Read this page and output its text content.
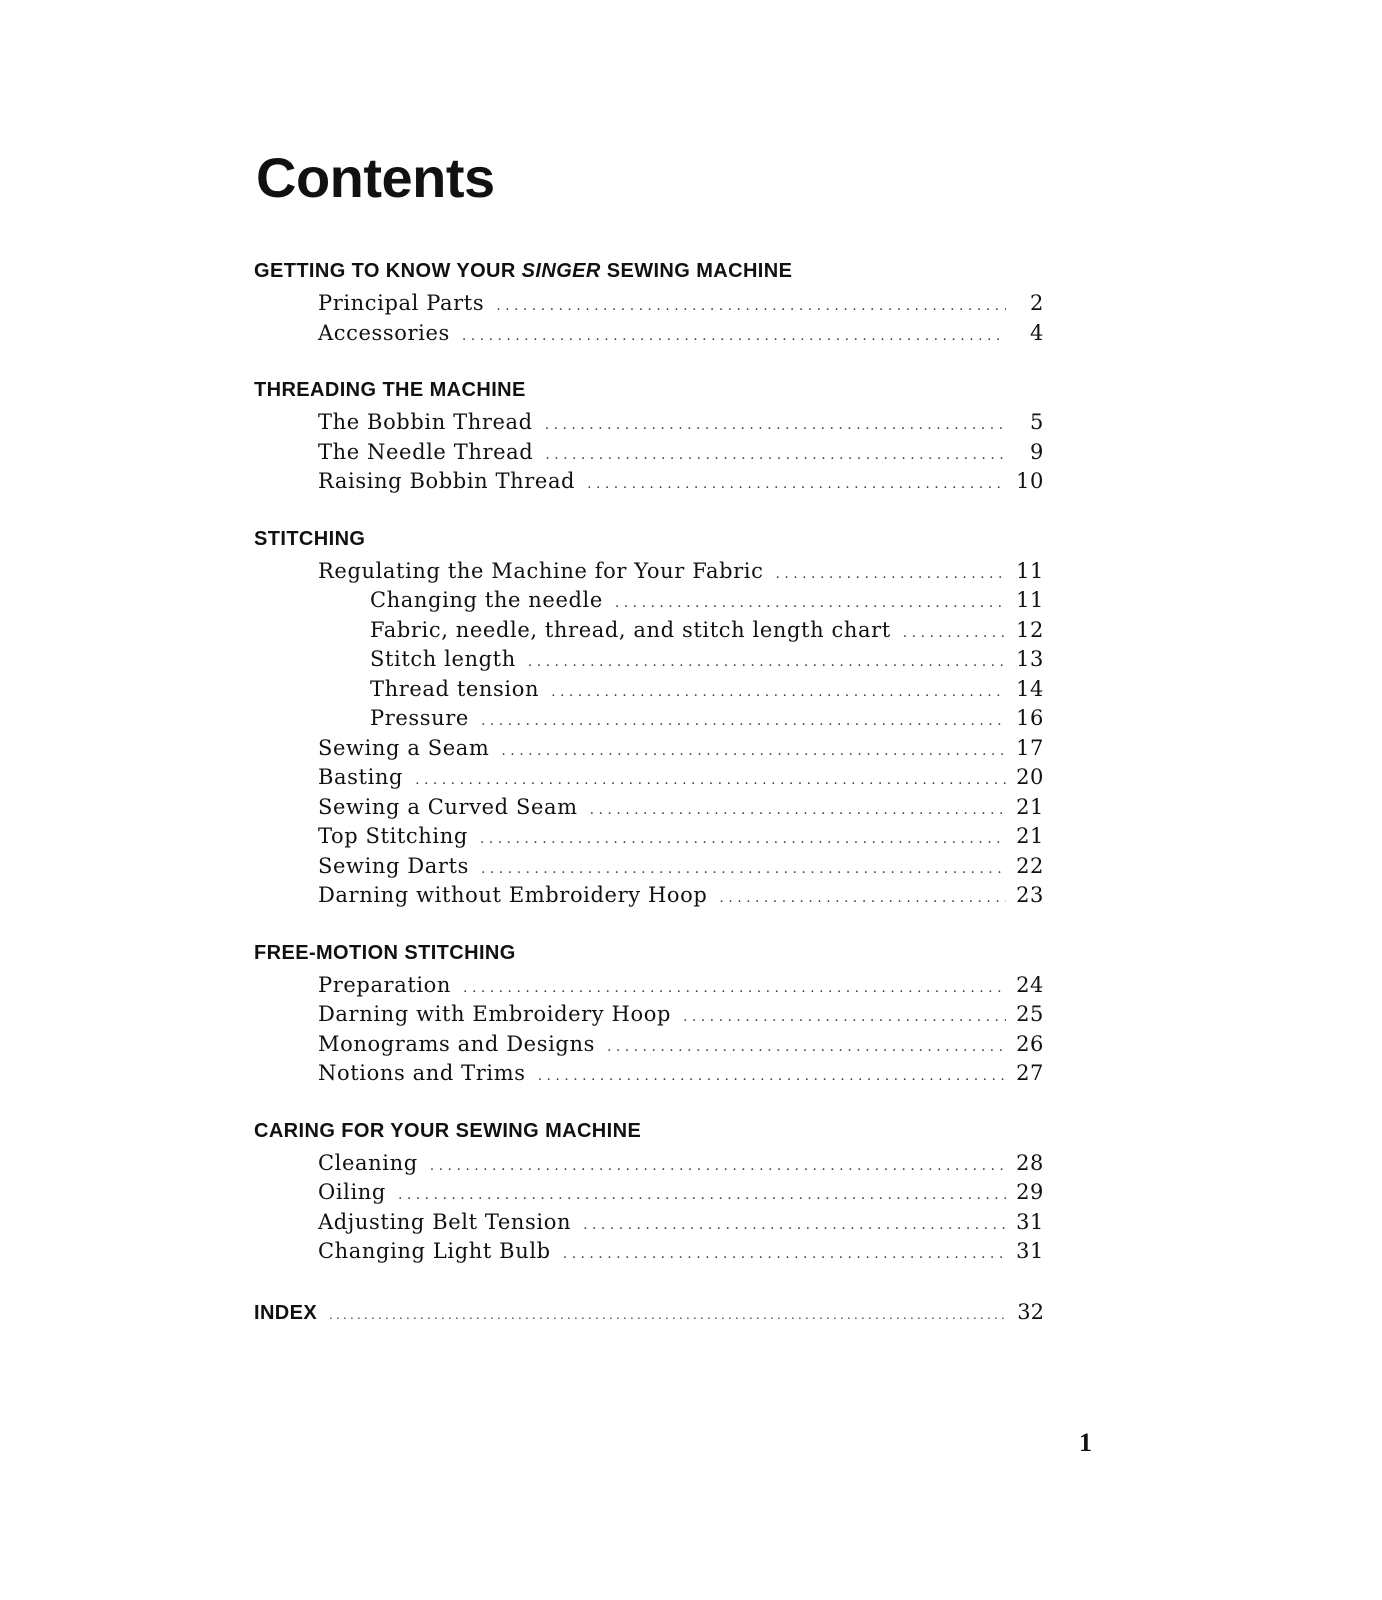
Contents
GETTING TO KNOW YOUR SINGER SEWING MACHINE
Principal Parts . . .	2
Accessories . . .	4
THREADING THE MACHINE
The Bobbin Thread . . .	5
The Needle Thread . . .	9
Raising Bobbin Thread . . .	10
STITCHING
Regulating the Machine for Your Fabric . . .	11
Changing the needle . . .	11
Fabric, needle, thread, and stitch length chart . . .	12
Stitch length . . .	13
Thread tension . . .	14
Pressure . . .	16
Sewing a Seam . . .	17
Basting . . .	20
Sewing a Curved Seam . . .	21
Top Stitching . . .	21
Sewing Darts . . .	22
Darning without Embroidery Hoop . . .	23
FREE-MOTION STITCHING
Preparation . . .	24
Darning with Embroidery Hoop . . .	25
Monograms and Designs . . .	26
Notions and Trims . . .	27
CARING FOR YOUR SEWING MACHINE
Cleaning . . .	28
Oiling . . .	29
Adjusting Belt Tension . . .	31
Changing Light Bulb . . .	31
INDEX . . .	32
1
